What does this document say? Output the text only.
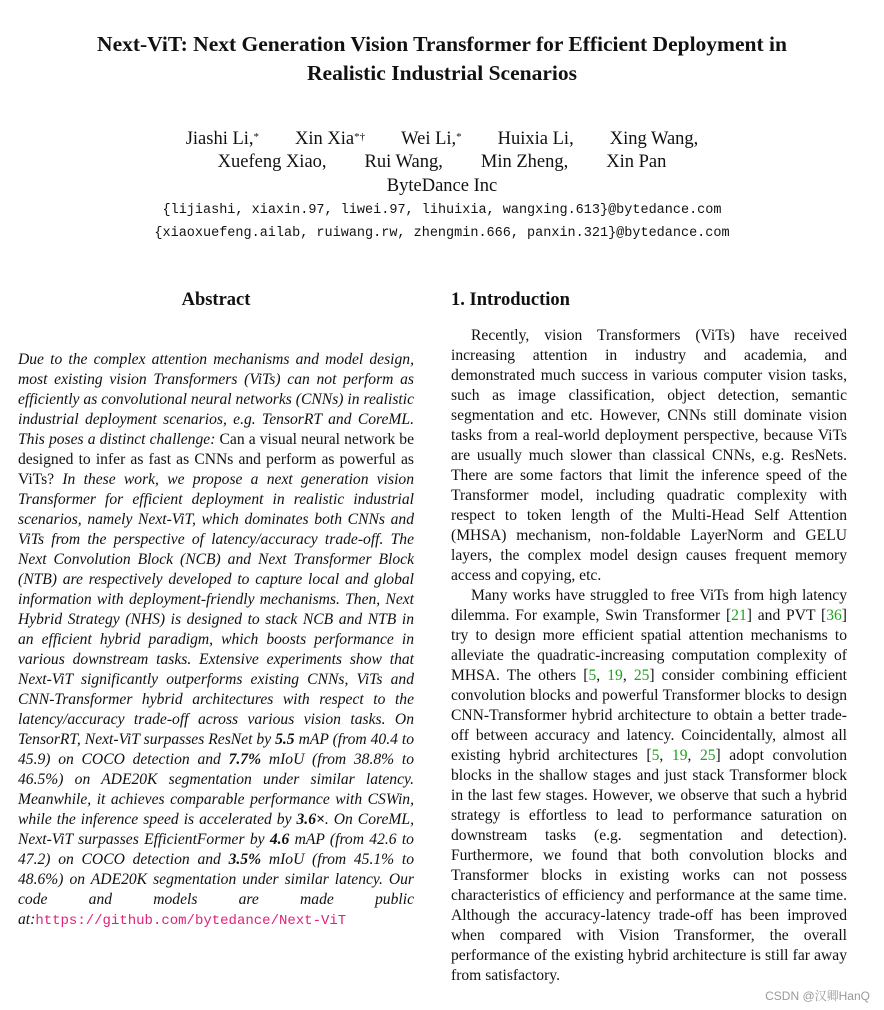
Next-ViT: Next Generation Vision Transformer for Efficient Deployment in
Realistic Industrial Scenarios
Jiashi Li,* Xin Xia*† Wei Li,* Huixia Li, Xing Wang,
Xuefeng Xiao, Rui Wang, Min Zheng, Xin Pan
ByteDance Inc
{lijiashi, xiaxin.97, liwei.97, lihuixia, wangxing.613}@bytedance.com
{xiaoxuefeng.ailab, ruiwang.rw, zhengmin.666, panxin.321}@bytedance.com
Abstract

Due to the complex attention mechanisms and model design, most existing vision Transformers (ViTs) can not perform as efficiently as convolutional neural networks (CNNs) in realistic industrial deployment scenarios, e.g. TensorRT and CoreML. This poses a distinct challenge: Can a visual neural network be designed to infer as fast as CNNs and perform as powerful as ViTs? In these work, we propose a next generation vision Transformer for efficient deployment in realistic industrial scenarios, namely Next-ViT, which dominates both CNNs and ViTs from the perspective of latency/accuracy trade-off. The Next Convolution Block (NCB) and Next Transformer Block (NTB) are respectively developed to capture local and global information with deployment-friendly mechanisms. Then, Next Hybrid Strategy (NHS) is designed to stack NCB and NTB in an efficient hybrid paradigm, which boosts performance in various downstream tasks. Extensive experiments show that Next-ViT significantly outperforms existing CNNs, ViTs and CNN-Transformer hybrid architectures with respect to the latency/accuracy trade-off across various vision tasks. On TensorRT, Next-ViT surpasses ResNet by 5.5 mAP (from 40.4 to 45.9) on COCO detection and 7.7% mIoU (from 38.8% to 46.5%) on ADE20K segmentation under similar latency. Meanwhile, it achieves comparable performance with CSWin, while the inference speed is accelerated by 3.6×. On CoreML, Next-ViT surpasses EfficientFormer by 4.6 mAP (from 42.6 to 47.2) on COCO detection and 3.5% mIoU (from 45.1% to 48.6%) on ADE20K segmentation under similar latency. Our code and models are made public at:https://github.com/bytedance/Next-ViT

1. Introduction

Recently, vision Transformers (ViTs) have received increasing attention in industry and academia, and demonstrated much success in various computer vision tasks, such as image classification, object detection, semantic segmentation and etc. However, CNNs still dominate vision tasks from a real-world deployment perspective, because ViTs are usually much slower than classical CNNs, e.g. ResNets. There are some factors that limit the inference speed of the Transformer model, including quadratic complexity with respect to token length of the Multi-Head Self Attention (MHSA) mechanism, non-foldable LayerNorm and GELU layers, the complex model design causes frequent memory access and copying, etc.

Many works have struggled to free ViTs from high latency dilemma. For example, Swin Transformer [21] and PVT [36] try to design more efficient spatial attention mechanisms to alleviate the quadratic-increasing computation complexity of MHSA. The others [5, 19, 25] consider combining efficient convolution blocks and powerful Transformer blocks to design CNN-Transformer hybrid architecture to obtain a better trade-off between accuracy and latency. Coincidentally, almost all existing hybrid architectures [5, 19, 25] adopt convolution blocks in the shallow stages and just stack Transformer block in the last few stages. However, we observe that such a hybrid strategy is effortless to lead to performance saturation on downstream tasks (e.g. segmentation and detection). Furthermore, we found that both convolution blocks and Transformer blocks in existing works can not possess characteristics of efficiency and performance at the same time. Although the accuracy-latency trade-off has been improved when compared with Vision Transformer, the overall performance of the existing hybrid architecture is still far away from satisfactory.

CSDN @汉卿HanQ
